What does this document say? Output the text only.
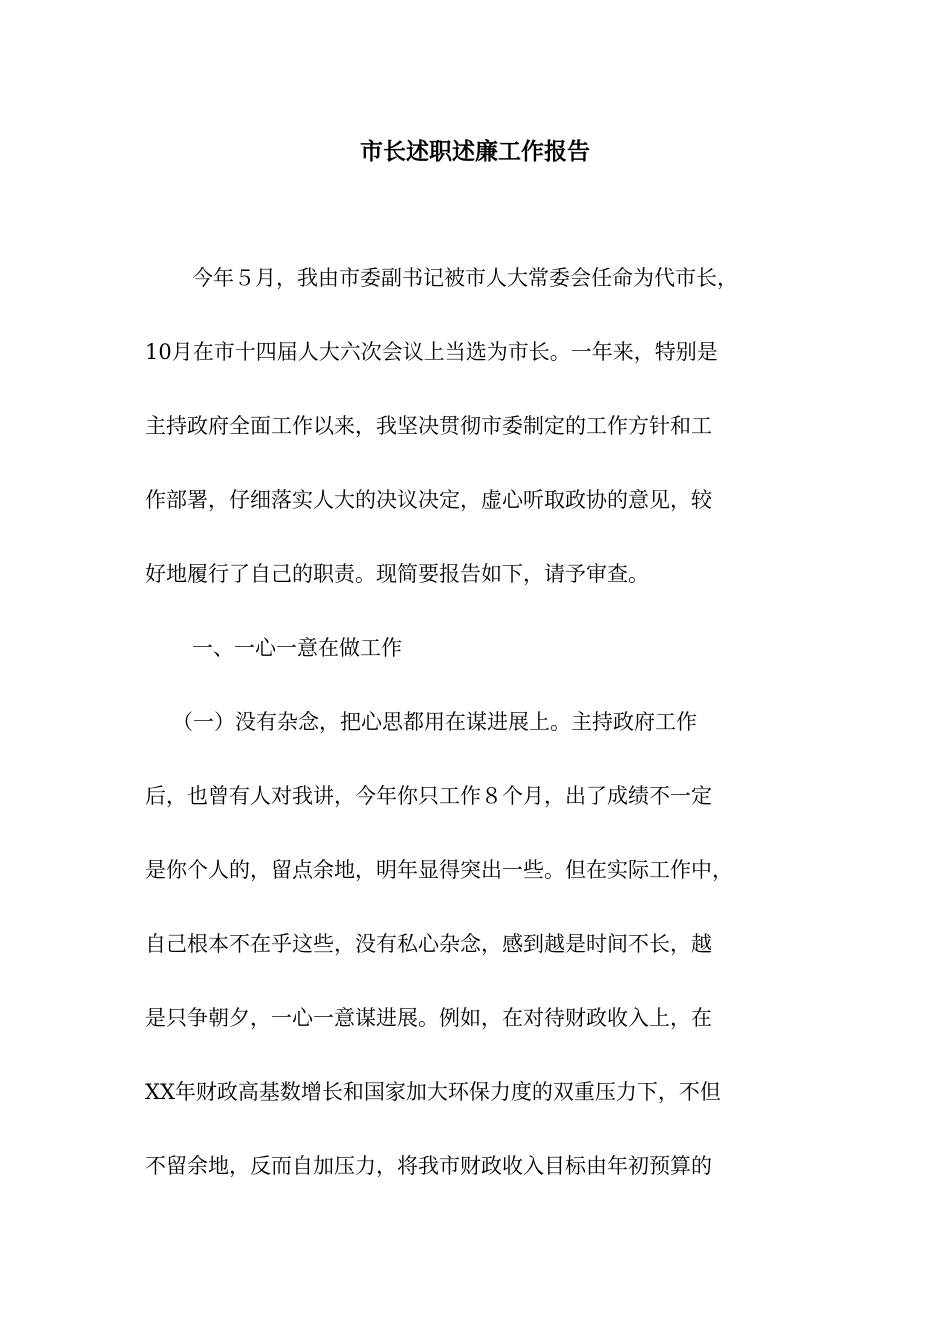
市长述职述廉工作报告

今年５月，我由市委副书记被市人大常委会任命为代市长，

10月在市十四届人大六次会议上当选为市长。一年来，特别是

主持政府全面工作以来，我坚决贯彻市委制定的工作方针和工

作部署，仔细落实人大的决议决定，虚心听取政协的意见，较

好地履行了自己的职责。现简要报告如下，请予审查。

一、一心一意在做工作

（一）没有杂念，把心思都用在谋进展上。主持政府工作

后，也曾有人对我讲，今年你只工作８个月，出了成绩不一定

是你个人的，留点余地，明年显得突出一些。但在实际工作中，

自己根本不在乎这些，没有私心杂念，感到越是时间不长，越

是只争朝夕，一心一意谋进展。例如，在对待财政收入上，在

XX年财政高基数增长和国家加大环保力度的双重压力下，不但

不留余地，反而自加压力，将我市财政收入目标由年初预算的
